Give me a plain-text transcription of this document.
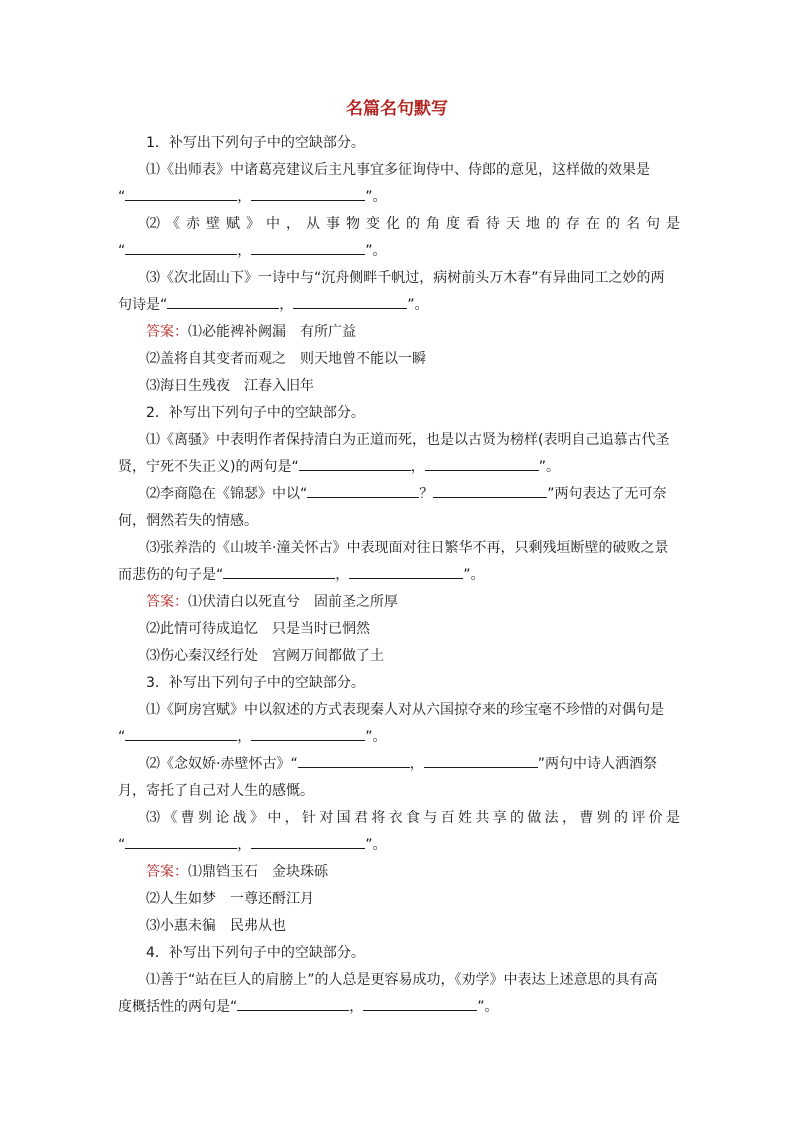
名篇名句默写

1．补写出下列句子中的空缺部分。

⑴《出师表》中诸葛亮建议后主凡事宜多征询侍中、侍郎的意见，这样做的效果是

“	，	”。

⑵《赤壁赋》中，从事物变化的角度看待天地的存在的名句是

“	，	”。

⑶《次北固山下》一诗中与“沉舟侧畔千帆过，病树前头万木春”有异曲同工之妙的两

句诗是“	，	”。

答案：⑴必能裨补阙漏　有所广益

⑵盖将自其变者而观之　则天地曾不能以一瞬

⑶海日生残夜　江春入旧年

2．补写出下列句子中的空缺部分。

⑴《离骚》中表明作者保持清白为正道而死，也是以古贤为榜样(表明自己追慕古代圣

贤，宁死不失正义)的两句是“	，	”。

⑵李商隐在《锦瑟》中以“	？	”两句表达了无可奈

何，惘然若失的情感。

⑶张养浩的《山坡羊·潼关怀古》中表现面对往日繁华不再，只剩残垣断壁的破败之景

而悲伤的句子是“	，	”。

答案：⑴伏清白以死直兮　固前圣之所厚

⑵此情可待成追忆　只是当时已惘然

⑶伤心秦汉经行处　宫阙万间都做了土

3．补写出下列句子中的空缺部分。

⑴《阿房宫赋》中以叙述的方式表现秦人对从六国掠夺来的珍宝毫不珍惜的对偶句是

“	，	”。

⑵《念奴娇·赤壁怀古》“	，	”两句中诗人洒酒祭

月，寄托了自己对人生的感慨。

⑶《曹刿论战》中，针对国君将衣食与百姓共享的做法，曹刿的评价是

“	，	”。

答案：⑴鼎铛玉石　金块珠砾

⑵人生如梦　一尊还酹江月

⑶小惠未徧　民弗从也

4．补写出下列句子中的空缺部分。

⑴善于“站在巨人的肩膀上”的人总是更容易成功，《劝学》中表达上述意思的具有高

度概括性的两句是“	，	”。
